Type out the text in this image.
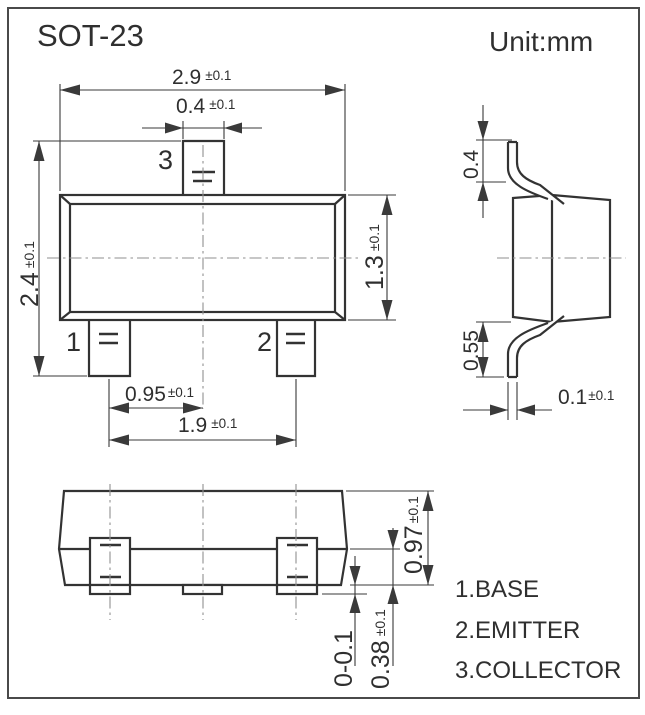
SOT-23	Unit:mm
3
1	2
2.9 ±0.1
0.4 ±0.1
2.4±0.1
1.3±0.1
0.95 ±0.1
1.9 ±0.1
0.4
0.55
0.1±0.1
0.97±0.1
0.38±0.1
0-0.1
1.BASE
2.EMITTER
3.COLLECTOR
